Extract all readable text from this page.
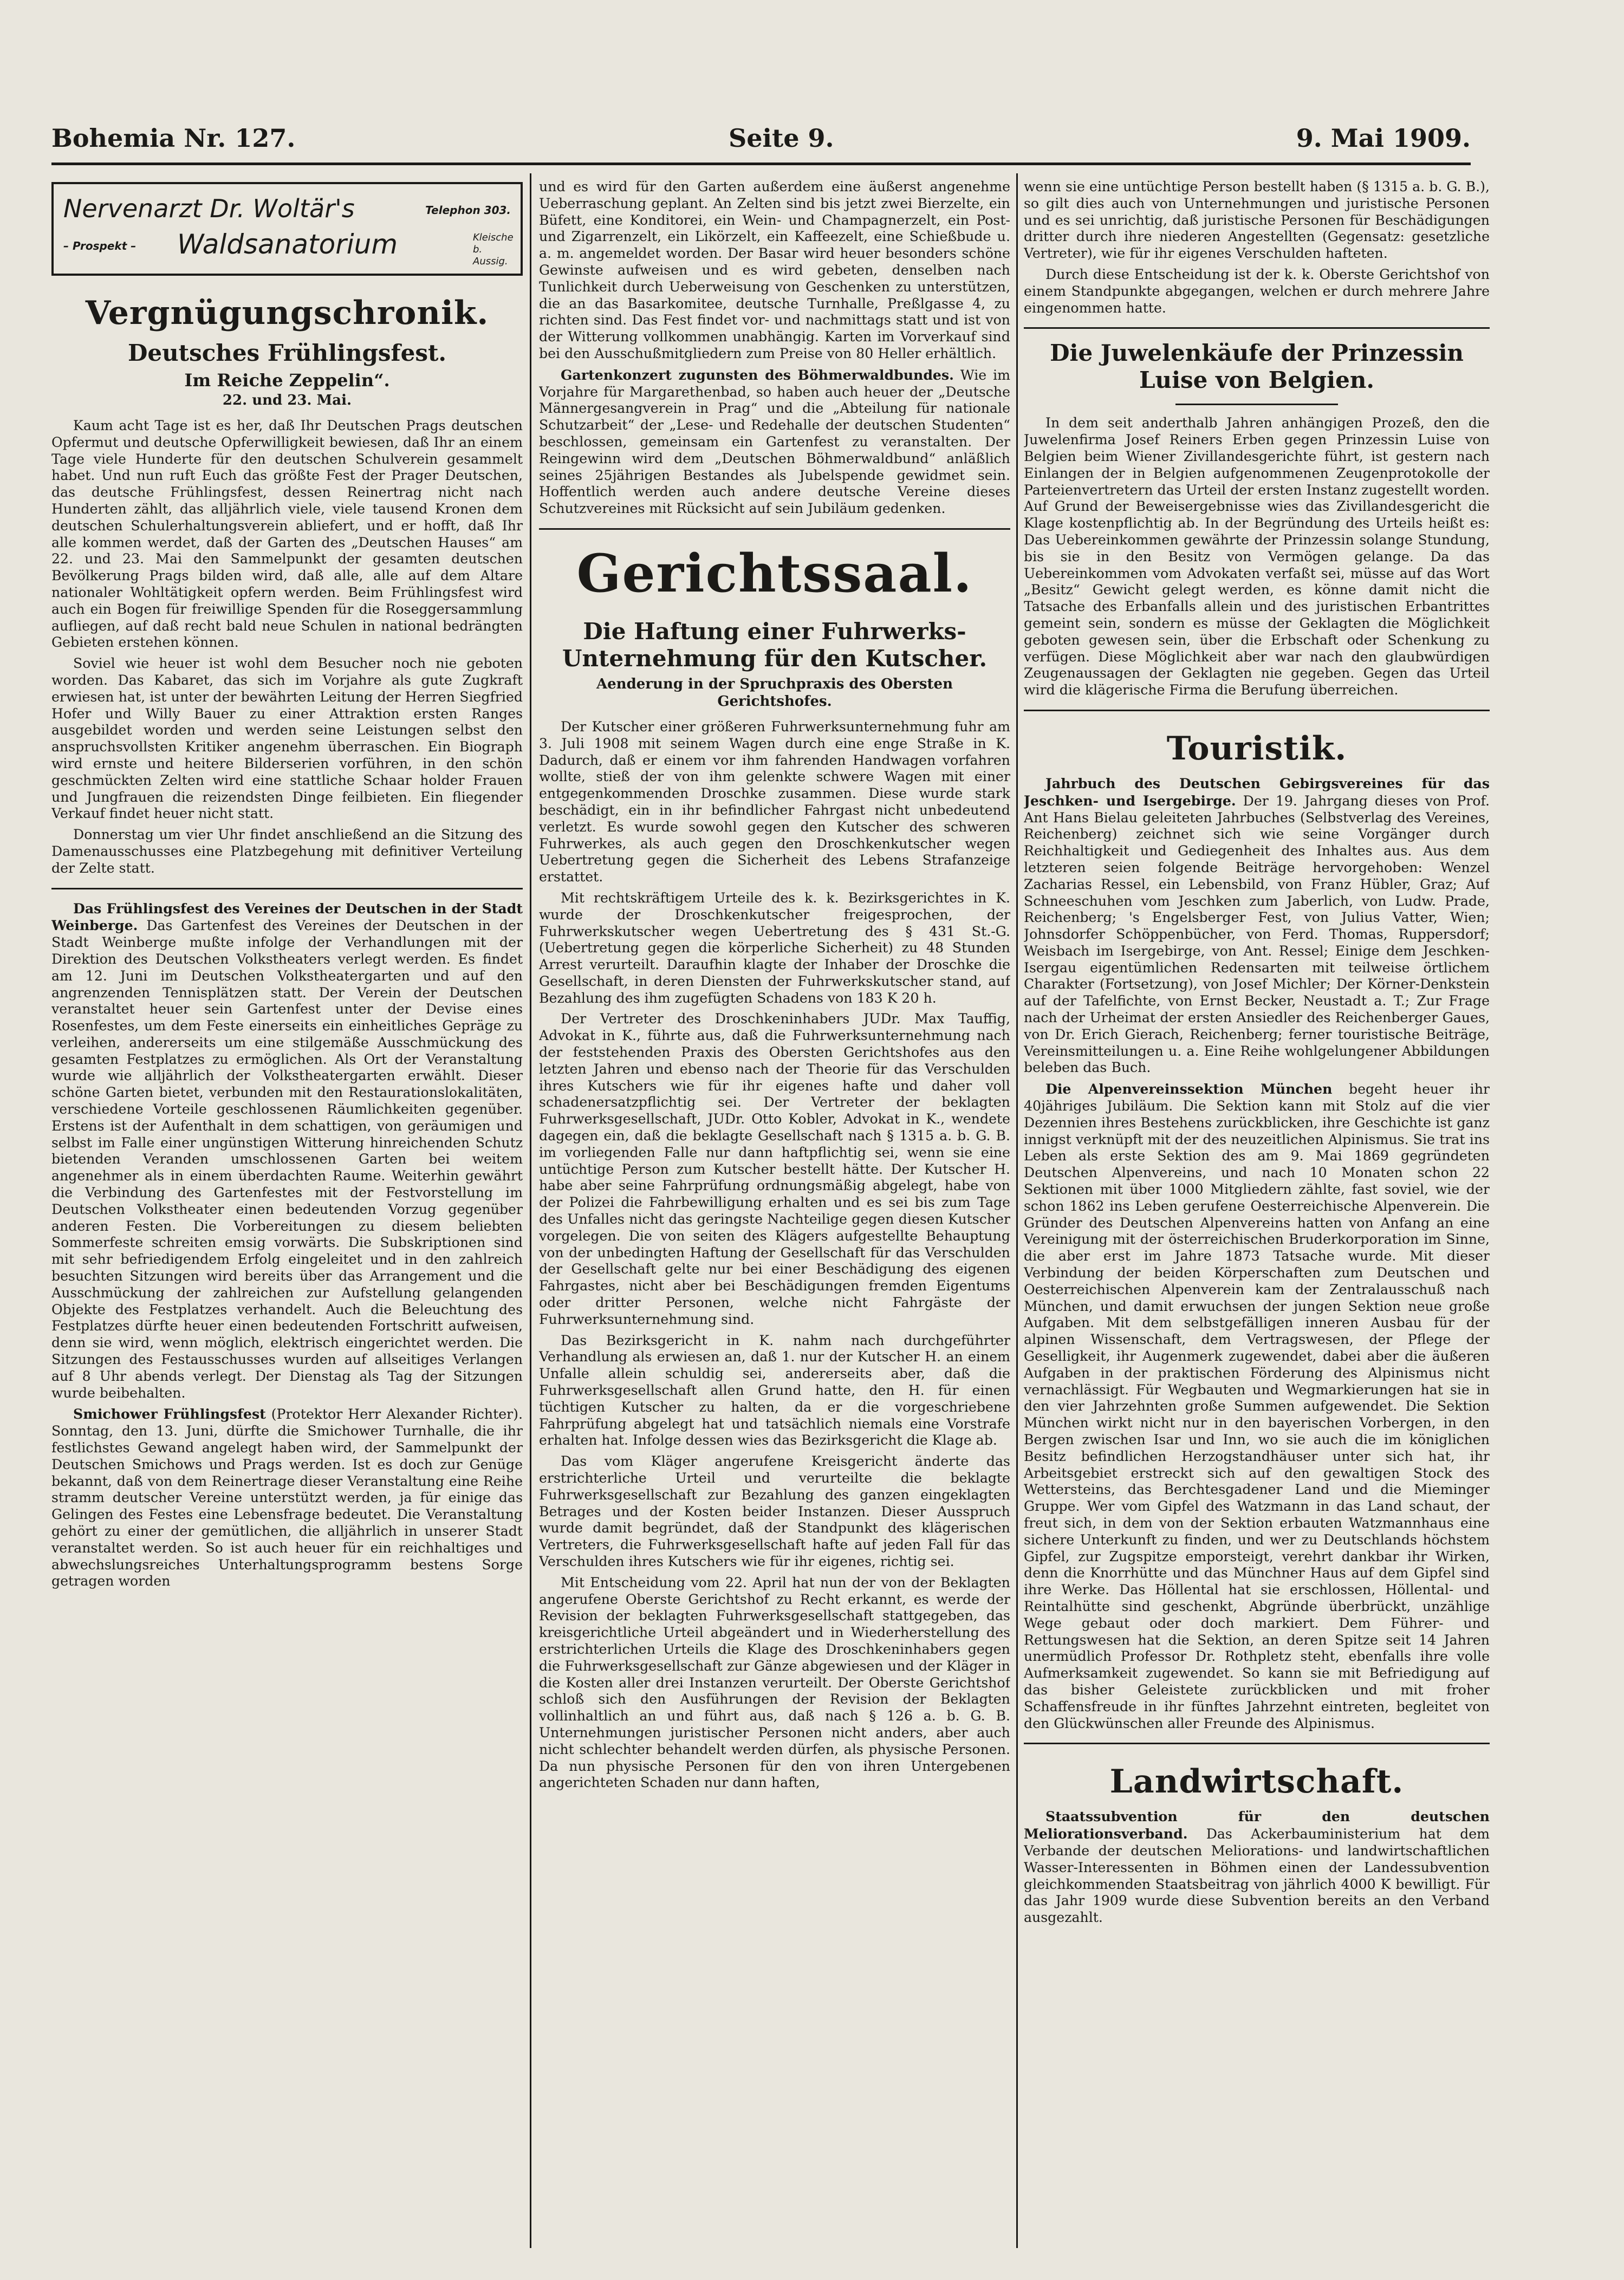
Bohemia Nr. 127.	Seite 9.	9. Mai 1909.
Nervenarzt Dr. Woltär's	Telephon 303.
– Prospekt – Waldsanatorium	Kleische b. Aussig.
Vergnügungschronik.
Deutsches Frühlingsfest.
Im Reiche Zeppelin“.
22. und 23. Mai.

Kaum acht Tage ist es her, daß Ihr Deutschen Prags deutschen Opfermut und deutsche Opferwilligkeit bewiesen, daß Ihr an einem Tage viele Hunderte für den deutschen Schulverein gesammelt habet. Und nun ruft Euch das größte Fest der Prager Deutschen, das deutsche Frühlingsfest, dessen Reinertrag nicht nach Hunderten zählt, das alljährlich viele, viele tausend Kronen dem deutschen Schulerhaltungsverein abliefert, und er hofft, daß Ihr alle kommen werdet, daß der Garten des „Deutschen Hauses“ am 22. und 23. Mai den Sammelpunkt der gesamten deutschen Bevölkerung Prags bilden wird, daß alle, alle auf dem Altare nationaler Wohltätigkeit opfern werden. Beim Frühlingsfest wird auch ein Bogen für freiwillige Spenden für die Roseggersammlung aufliegen, auf daß recht bald neue Schulen in national bedrängten Gebieten erstehen können.

Soviel wie heuer ist wohl dem Besucher noch nie geboten worden. Das Kabaret, das sich im Vorjahre als gute Zugkraft erwiesen hat, ist unter der bewährten Leitung der Herren Siegfried Hofer und Willy Bauer zu einer Attraktion ersten Ranges ausgebildet worden und werden seine Leistungen selbst den anspruchsvollsten Kritiker angenehm überraschen. Ein Biograph wird ernste und heitere Bilderserien vorführen, in den schön geschmückten Zelten wird eine stattliche Schaar holder Frauen und Jungfrauen die reizendsten Dinge feilbieten. Ein fliegender Verkauf findet heuer nicht statt.

Donnerstag um vier Uhr findet anschließend an die Sitzung des Damenausschusses eine Platzbegehung mit definitiver Verteilung der Zelte statt.

Das Frühlingsfest des Vereines der Deutschen in der Stadt Weinberge. Das Gartenfest des Vereines der Deutschen in der Stadt Weinberge mußte infolge der Verhandlungen mit der Direktion des Deutschen Volkstheaters verlegt werden. Es findet am 12. Juni im Deutschen Volkstheatergarten und auf den angrenzenden Tennisplätzen statt. Der Verein der Deutschen veranstaltet heuer sein Gartenfest unter der Devise eines Rosenfestes, um dem Feste einerseits ein einheitliches Gepräge zu verleihen, andererseits um eine stilgemäße Ausschmückung des gesamten Festplatzes zu ermöglichen. Als Ort der Veranstaltung wurde wie alljährlich der Volkstheatergarten erwählt. Dieser schöne Garten bietet, verbunden mit den Restaurationslokalitäten, verschiedene Vorteile geschlossenen Räumlichkeiten gegenüber. Erstens ist der Aufenthalt in dem schattigen, von geräumigen und selbst im Falle einer ungünstigen Witterung hinreichenden Schutz bietenden Veranden umschlossenen Garten bei weitem angenehmer als in einem überdachten Raume. Weiterhin gewährt die Verbindung des Gartenfestes mit der Festvorstellung im Deutschen Volkstheater einen bedeutenden Vorzug gegenüber anderen Festen. Die Vorbereitungen zu diesem beliebten Sommerfeste schreiten emsig vorwärts. Die Subskriptionen sind mit sehr befriedigendem Erfolg eingeleitet und in den zahlreich besuchten Sitzungen wird bereits über das Arrangement und die Ausschmückung der zahlreichen zur Aufstellung gelangenden Objekte des Festplatzes verhandelt. Auch die Beleuchtung des Festplatzes dürfte heuer einen bedeutenden Fortschritt aufweisen, denn sie wird, wenn möglich, elektrisch eingerichtet werden. Die Sitzungen des Festausschusses wurden auf allseitiges Verlangen auf 8 Uhr abends verlegt. Der Dienstag als Tag der Sitzungen wurde beibehalten.

Smichower Frühlingsfest (Protektor Herr Alexander Richter). Sonntag, den 13. Juni, dürfte die Smichower Turnhalle, die ihr festlichstes Gewand angelegt haben wird, der Sammelpunkt der Deutschen Smichows und Prags werden. Ist es doch zur Genüge bekannt, daß von dem Reinertrage dieser Veranstaltung eine Reihe stramm deutscher Vereine unterstützt werden, ja für einige das Gelingen des Festes eine Lebensfrage bedeutet. Die Veranstaltung gehört zu einer der gemütlichen, die alljährlich in unserer Stadt veranstaltet werden. So ist auch heuer für ein reichhaltiges und abwechslungsreiches Unterhaltungsprogramm bestens Sorge getragen worden

und es wird für den Garten außerdem eine äußerst angenehme Ueberraschung geplant. An Zelten sind bis jetzt zwei Bierzelte, ein Büfett, eine Konditorei, ein Wein- und Champagnerzelt, ein Post- und Zigarrenzelt, ein Likörzelt, ein Kaffeezelt, eine Schießbude u. a. m. angemeldet worden. Der Basar wird heuer besonders schöne Gewinste aufweisen und es wird gebeten, denselben nach Tunlichkeit durch Ueberweisung von Geschenken zu unterstützen, die an das Basarkomitee, deutsche Turnhalle, Preßlgasse 4, zu richten sind. Das Fest findet vor- und nachmittags statt und ist von der Witterung vollkommen unabhängig. Karten im Vorverkauf sind bei den Ausschußmitgliedern zum Preise von 80 Heller erhältlich.

Gartenkonzert zugunsten des Böhmerwaldbundes. Wie im Vorjahre für Margarethenbad, so haben auch heuer der „Deutsche Männergesangverein in Prag“ und die „Abteilung für nationale Schutzarbeit“ der „Lese- und Redehalle der deutschen Studenten“ beschlossen, gemeinsam ein Gartenfest zu veranstalten. Der Reingewinn wird dem „Deutschen Böhmerwaldbund“ anläßlich seines 25jährigen Bestandes als Jubelspende gewidmet sein. Hoffentlich werden auch andere deutsche Vereine dieses Schutzvereines mit Rücksicht auf sein Jubiläum gedenken.

Gerichtssaal.
Die Haftung einer Fuhrwerks-Unternehmung für den Kutscher.
Aenderung in der Spruchpraxis des Obersten Gerichtshofes.

Der Kutscher einer größeren Fuhrwerksunternehmung fuhr am 3. Juli 1908 mit seinem Wagen durch eine enge Straße in K. Dadurch, daß er einem vor ihm fahrenden Handwagen vorfahren wollte, stieß der von ihm gelenkte schwere Wagen mit einer entgegenkommenden Droschke zusammen. Diese wurde stark beschädigt, ein in ihr befindlicher Fahrgast nicht unbedeutend verletzt. Es wurde sowohl gegen den Kutscher des schweren Fuhrwerkes, als auch gegen den Droschkenkutscher wegen Uebertretung gegen die Sicherheit des Lebens Strafanzeige erstattet.

Mit rechtskräftigem Urteile des k. k. Bezirksgerichtes in K. wurde der Droschkenkutscher freigesprochen, der Fuhrwerkskutscher wegen Uebertretung des § 431 St.-G. (Uebertretung gegen die körperliche Sicherheit) zu 48 Stunden Arrest verurteilt. Daraufhin klagte der Inhaber der Droschke die Gesellschaft, in deren Diensten der Fuhrwerkskutscher stand, auf Bezahlung des ihm zugefügten Schadens von 183 K 20 h.

Der Vertreter des Droschkeninhabers JUDr. Max Tauffig, Advokat in K., führte aus, daß die Fuhrwerksunternehmung nach der feststehenden Praxis des Obersten Gerichtshofes aus den letzten Jahren und ebenso nach der Theorie für das Verschulden ihres Kutschers wie für ihr eigenes hafte und daher voll schadenersatzpflichtig sei. Der Vertreter der beklagten Fuhrwerksgesellschaft, JUDr. Otto Kobler, Advokat in K., wendete dagegen ein, daß die beklagte Gesellschaft nach § 1315 a. b. G. B. im vorliegenden Falle nur dann haftpflichtig sei, wenn sie eine untüchtige Person zum Kutscher bestellt hätte. Der Kutscher H. habe aber seine Fahrprüfung ordnungsmäßig abgelegt, habe von der Polizei die Fahrbewilligung erhalten und es sei bis zum Tage des Unfalles nicht das geringste Nachteilige gegen diesen Kutscher vorgelegen. Die von seiten des Klägers aufgestellte Behauptung von der unbedingten Haftung der Gesellschaft für das Verschulden der Gesellschaft gelte nur bei einer Beschädigung des eigenen Fahrgastes, nicht aber bei Beschädigungen fremden Eigentums oder dritter Personen, welche nicht Fahrgäste der Fuhrwerksunternehmung sind.

Das Bezirksgericht in K. nahm nach durchgeführter Verhandlung als erwiesen an, daß 1. nur der Kutscher H. an einem Unfalle allein schuldig sei, andererseits aber, daß die Fuhrwerksgesellschaft allen Grund hatte, den H. für einen tüchtigen Kutscher zu halten, da er die vorgeschriebene Fahrprüfung abgelegt hat und tatsächlich niemals eine Vorstrafe erhalten hat. Infolge dessen wies das Bezirksgericht die Klage ab.

Das vom Kläger angerufene Kreisgericht änderte das erstrichterliche Urteil und verurteilte die beklagte Fuhrwerksgesellschaft zur Bezahlung des ganzen eingeklagten Betrages und der Kosten beider Instanzen. Dieser Ausspruch wurde damit begründet, daß der Standpunkt des klägerischen Vertreters, die Fuhrwerksgesellschaft hafte auf jeden Fall für das Verschulden ihres Kutschers wie für ihr eigenes, richtig sei.

Mit Entscheidung vom 22. April hat nun der von der Beklagten angerufene Oberste Gerichtshof zu Recht erkannt, es werde der Revision der beklagten Fuhrwerksgesellschaft stattgegeben, das kreisgerichtliche Urteil abgeändert und in Wiederherstellung des erstrichterlichen Urteils die Klage des Droschkeninhabers gegen die Fuhrwerksgesellschaft zur Gänze abgewiesen und der Kläger in die Kosten aller drei Instanzen verurteilt. Der Oberste Gerichtshof schloß sich den Ausführungen der Revision der Beklagten vollinhaltlich an und führt aus, daß nach § 126 a. b. G. B. Unternehmungen juristischer Personen nicht anders, aber auch nicht schlechter behandelt werden dürfen, als physische Personen. Da nun physische Personen für den von ihren Untergebenen angerichteten Schaden nur dann haften,

wenn sie eine untüchtige Person bestellt haben (§ 1315 a. b. G. B.), so gilt dies auch von Unternehmungen und juristische Personen und es sei unrichtig, daß juristische Personen für Beschädigungen dritter durch ihre niederen Angestellten (Gegensatz: gesetzliche Vertreter), wie für ihr eigenes Verschulden hafteten.

Durch diese Entscheidung ist der k. k. Oberste Gerichtshof von einem Standpunkte abgegangen, welchen er durch mehrere Jahre eingenommen hatte.

Die Juwelenkäufe der Prinzessin Luise von Belgien.

In dem seit anderthalb Jahren anhängigen Prozeß, den die Juwelenfirma Josef Reiners Erben gegen Prinzessin Luise von Belgien beim Wiener Zivillandesgerichte führt, ist gestern nach Einlangen der in Belgien aufgenommenen Zeugenprotokolle der Parteienvertretern das Urteil der ersten Instanz zugestellt worden. Auf Grund der Beweisergebnisse wies das Zivillandesgericht die Klage kostenpflichtig ab. In der Begründung des Urteils heißt es: Das Uebereinkommen gewährte der Prinzessin solange Stundung, bis sie in den Besitz von Vermögen gelange. Da das Uebereinkommen vom Advokaten verfaßt sei, müsse auf das Wort „Besitz“ Gewicht gelegt werden, es könne damit nicht die Tatsache des Erbanfalls allein und des juristischen Erbantrittes gemeint sein, sondern es müsse der Geklagten die Möglichkeit geboten gewesen sein, über die Erbschaft oder Schenkung zu verfügen. Diese Möglichkeit aber war nach den glaubwürdigen Zeugenaussagen der Geklagten nie gegeben. Gegen das Urteil wird die klägerische Firma die Berufung überreichen.

Touristik.

Jahrbuch des Deutschen Gebirgsvereines für das Jeschken- und Isergebirge. Der 19. Jahrgang dieses von Prof. Ant Hans Bielau geleiteten Jahrbuches (Selbstverlag des Vereines, Reichenberg) zeichnet sich wie seine Vorgänger durch Reichhaltigkeit und Gediegenheit des Inhaltes aus. Aus dem letzteren seien folgende Beiträge hervorgehoben: Wenzel Zacharias Ressel, ein Lebensbild, von Franz Hübler, Graz; Auf Schneeschuhen vom Jeschken zum Jaberlich, von Ludw. Prade, Reichenberg; 's Engelsberger Fest, von Julius Vatter, Wien; Johnsdorfer Schöppenbücher, von Ferd. Thomas, Ruppersdorf; Weisbach im Isergebirge, von Ant. Ressel; Einige dem Jeschken-Isergau eigentümlichen Redensarten mit teilweise örtlichem Charakter (Fortsetzung), von Josef Michler; Der Körner-Denkstein auf der Tafelfichte, von Ernst Becker, Neustadt a. T.; Zur Frage nach der Urheimat der ersten Ansiedler des Reichenberger Gaues, von Dr. Erich Gierach, Reichenberg; ferner touristische Beiträge, Vereinsmitteilungen u. a. Eine Reihe wohlgelungener Abbildungen beleben das Buch.

Die Alpenvereinssektion München begeht heuer ihr 40jähriges Jubiläum. Die Sektion kann mit Stolz auf die vier Dezennien ihres Bestehens zurückblicken, ihre Geschichte ist ganz innigst verknüpft mit der des neuzeitlichen Alpinismus. Sie trat ins Leben als erste Sektion des am 9. Mai 1869 gegründeten Deutschen Alpenvereins, und nach 10 Monaten schon 22 Sektionen mit über 1000 Mitgliedern zählte, fast soviel, wie der schon 1862 ins Leben gerufene Oesterreichische Alpenverein. Die Gründer des Deutschen Alpenvereins hatten von Anfang an eine Vereinigung mit der österreichischen Bruderkorporation im Sinne, die aber erst im Jahre 1873 Tatsache wurde. Mit dieser Verbindung der beiden Körperschaften zum Deutschen und Oesterreichischen Alpenverein kam der Zentralausschuß nach München, und damit erwuchsen der jungen Sektion neue große Aufgaben. Mit dem selbstgefälligen inneren Ausbau für der alpinen Wissenschaft, dem Vertragswesen, der Pflege der Geselligkeit, ihr Augenmerk zugewendet, dabei aber die äußeren Aufgaben in der praktischen Förderung des Alpinismus nicht vernachlässigt. Für Wegbauten und Wegmarkierungen hat sie in den vier Jahrzehnten große Summen aufgewendet. Die Sektion München wirkt nicht nur in den bayerischen Vorbergen, in den Bergen zwischen Isar und Inn, wo sie auch die im königlichen Besitz befindlichen Herzogstandhäuser unter sich hat, ihr Arbeitsgebiet erstreckt sich auf den gewaltigen Stock des Wettersteins, das Berchtesgadener Land und die Mieminger Gruppe. Wer vom Gipfel des Watzmann in das Land schaut, der freut sich, in dem von der Sektion erbauten Watzmannhaus eine sichere Unterkunft zu finden, und wer zu Deutschlands höchstem Gipfel, zur Zugspitze emporsteigt, verehrt dankbar ihr Wirken, denn die Knorrhütte und das Münchner Haus auf dem Gipfel sind ihre Werke. Das Höllental hat sie erschlossen, Höllental- und Reintalhütte sind geschenkt, Abgründe überbrückt, unzählige Wege gebaut oder doch markiert. Dem Führer- und Rettungswesen hat die Sektion, an deren Spitze seit 14 Jahren unermüdlich Professor Dr. Rothpletz steht, ebenfalls ihre volle Aufmerksamkeit zugewendet. So kann sie mit Befriedigung auf das bisher Geleistete zurückblicken und mit froher Schaffensfreude in ihr fünftes Jahrzehnt eintreten, begleitet von den Glückwünschen aller Freunde des Alpinismus.

Landwirtschaft.

Staatssubvention für den deutschen Meliorationsverband. Das Ackerbauministerium hat dem Verbande der deutschen Meliorations- und landwirtschaftlichen Wasser-Interessenten in Böhmen einen der Landessubvention gleichkommenden Staatsbeitrag von jährlich 4000 K bewilligt. Für das Jahr 1909 wurde diese Subvention bereits an den Verband ausgezahlt.
